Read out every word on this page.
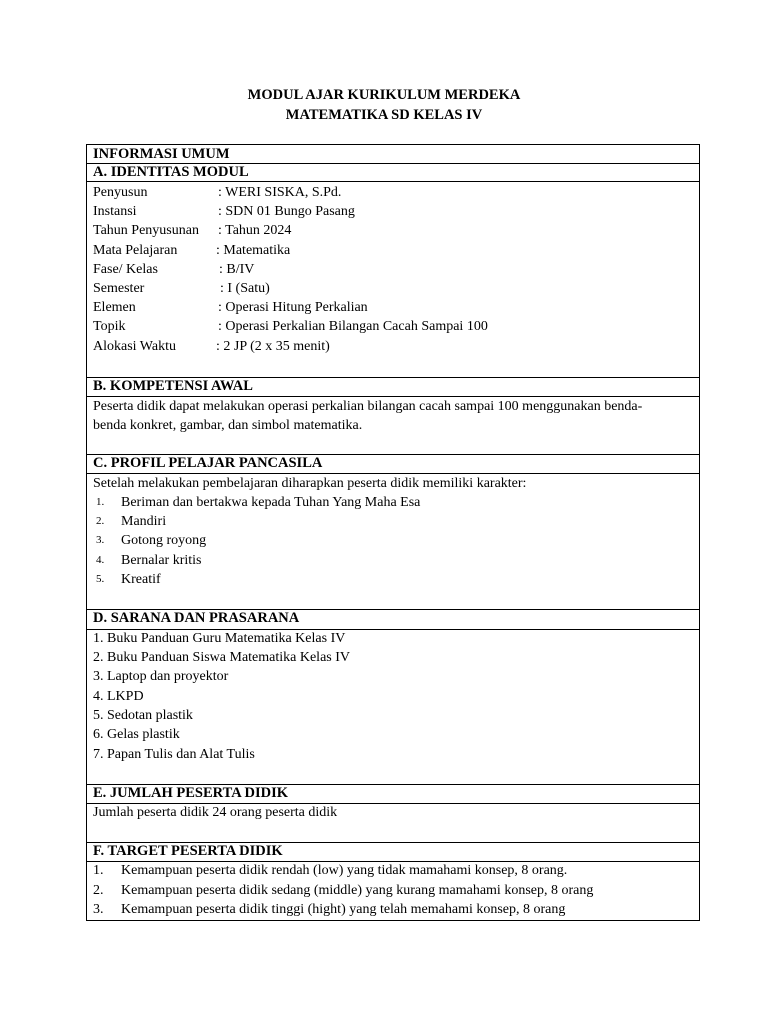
MODUL AJAR KURIKULUM MERDEKA
MATEMATIKA SD KELAS IV
INFORMASI UMUM
A. IDENTITAS MODUL
Penyusun	: WERI SISKA, S.Pd.
Instansi	: SDN 01 Bungo Pasang
Tahun Penyusunan : Tahun 2024
Mata Pelajaran	: Matematika
Fase/ Kelas	: B/IV
Semester	: I (Satu)
Elemen	: Operasi Hitung Perkalian
Topik	: Operasi Perkalian Bilangan Cacah Sampai 100
Alokasi Waktu	: 2 JP (2 x 35 menit)
B. KOMPETENSI AWAL
Peserta didik dapat melakukan operasi perkalian bilangan cacah sampai 100 menggunakan benda-
benda konkret, gambar, dan simbol matematika.
C. PROFIL PELAJAR PANCASILA
Setelah melakukan pembelajaran diharapkan peserta didik memiliki karakter:
1. Beriman dan bertakwa kepada Tuhan Yang Maha Esa
2. Mandiri
3. Gotong royong
4. Bernalar kritis
5. Kreatif
D. SARANA DAN PRASARANA
1. Buku Panduan Guru Matematika Kelas IV
2. Buku Panduan Siswa Matematika Kelas IV
3. Laptop dan proyektor
4. LKPD
5. Sedotan plastik
6. Gelas plastik
7. Papan Tulis dan Alat Tulis
E. JUMLAH PESERTA DIDIK
Jumlah peserta didik 24 orang peserta didik
F. TARGET PESERTA DIDIK
1. Kemampuan peserta didik rendah (low) yang tidak mamahami konsep, 8 orang.
2. Kemampuan peserta didik sedang (middle) yang kurang mamahami konsep, 8 orang
3. Kemampuan peserta didik tinggi (hight) yang telah memahami konsep, 8 orang
